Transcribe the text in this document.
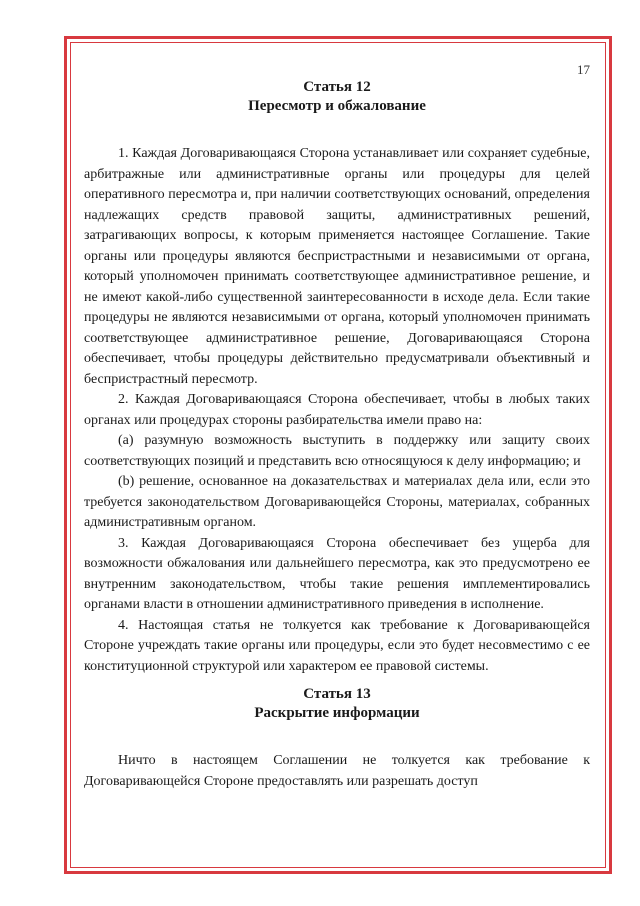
17
Статья 12
Пересмотр и обжалование

1. Каждая Договаривающаяся Сторона устанавливает или сохраняет судебные, арбитражные или административные органы или процедуры для целей оперативного пересмотра и, при наличии соответствующих оснований, определения надлежащих средств правовой защиты, административных решений, затрагивающих вопросы, к которым применяется настоящее Соглашение. Такие органы или процедуры являются беспристрастными и независимыми от органа, который уполномочен принимать соответствующее административное решение, и не имеют какой-либо существенной заинтересованности в исходе дела. Если такие процедуры не являются независимыми от органа, который уполномочен принимать соответствующее административное решение, Договаривающаяся Сторона обеспечивает, чтобы процедуры действительно предусматривали объективный и беспристрастный пересмотр.

2. Каждая Договаривающаяся Сторона обеспечивает, чтобы в любых таких органах или процедурах стороны разбирательства имели право на:

(a) разумную возможность выступить в поддержку или защиту своих соответствующих позиций и представить всю относящуюся к делу информацию; и

(b) решение, основанное на доказательствах и материалах дела или, если это требуется законодательством Договаривающейся Стороны, материалах, собранных административным органом.

3. Каждая Договаривающаяся Сторона обеспечивает без ущерба для возможности обжалования или дальнейшего пересмотра, как это предусмотрено ее внутренним законодательством, чтобы такие решения имплементировались органами власти в отношении административного приведения в исполнение.

4. Настоящая статья не толкуется как требование к Договаривающейся Стороне учреждать такие органы или процедуры, если это будет несовместимо с ее конституционной структурой или характером ее правовой системы.

Статья 13
Раскрытие информации

Ничто в настоящем Соглашении не толкуется как требование к Договаривающейся Стороне предоставлять или разрешать доступ
